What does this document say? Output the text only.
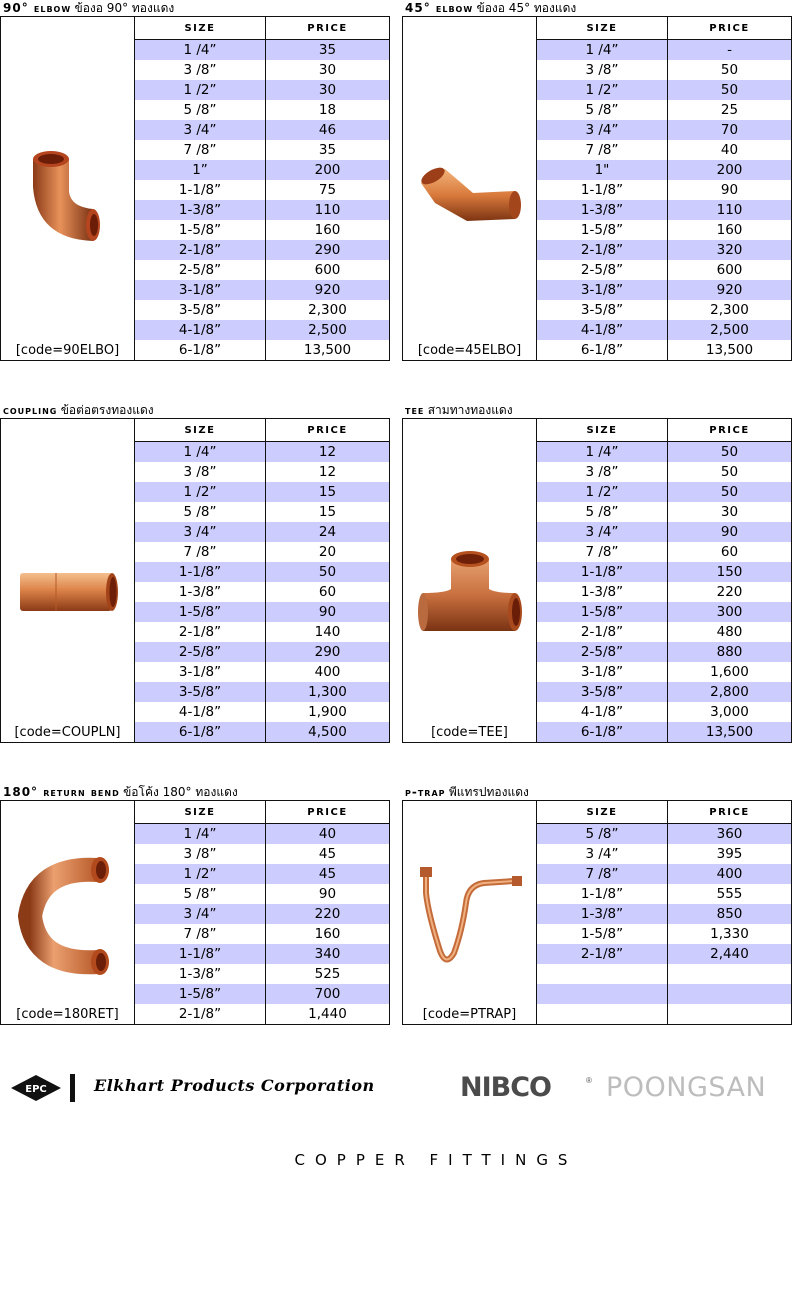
90° elbow ข้องอ 90° ทองแดง
[code=90ELBO]
SIZE	PRICE
1 /4”	35
3 /8”	30
1 /2”	30
5 /8”	18
3 /4”	46
7 /8”	35
1”	200
1-1/8”	75
1-3/8”	110
1-5/8”	160
2-1/8”	290
2-5/8”	600
3-1/8”	920
3-5/8”	2,300
4-1/8”	2,500
6-1/8”	13,500
45° elbow ข้องอ 45° ทองแดง
[code=45ELBO]
SIZE	PRICE
1 /4”	-
3 /8”	50
1 /2”	50
5 /8”	25
3 /4”	70
7 /8”	40
1"	200
1-1/8”	90
1-3/8”	110
1-5/8”	160
2-1/8”	320
2-5/8”	600
3-1/8”	920
3-5/8”	2,300
4-1/8”	2,500
6-1/8”	13,500
coupling ข้อต่อตรงทองแดง
[code=COUPLN]
SIZE	PRICE
1 /4”	12
3 /8”	12
1 /2”	15
5 /8”	15
3 /4”	24
7 /8”	20
1-1/8”	50
1-3/8”	60
1-5/8”	90
2-1/8”	140
2-5/8”	290
3-1/8”	400
3-5/8”	1,300
4-1/8”	1,900
6-1/8”	4,500
tee สามทางทองแดง
[code=TEE]
SIZE	PRICE
1 /4”	50
3 /8”	50
1 /2”	50
5 /8”	30
3 /4”	90
7 /8”	60
1-1/8”	150
1-3/8”	220
1-5/8”	300
2-1/8”	480
2-5/8”	880
3-1/8”	1,600
3-5/8”	2,800
4-1/8”	3,000
6-1/8”	13,500
180° return bend ข้อโค้ง 180° ทองแดง
[code=180RET]
SIZE	PRICE
1 /4”	40
3 /8”	45
1 /2”	45
5 /8”	90
3 /4”	220
7 /8”	160
1-1/8”	340
1-3/8”	525
1-5/8”	700
2-1/8”	1,440
p-trap พีแทรปทองแดง
[code=PTRAP]
SIZE	PRICE
5 /8”	360
3 /4”	395
7 /8”	400
1-1/8”	555
1-3/8”	850
1-5/8”	1,330
2-1/8”	2,440

EPC	Elkhart Products Corporation	NIBCO	® POONGSAN
COPPER FITTINGS
